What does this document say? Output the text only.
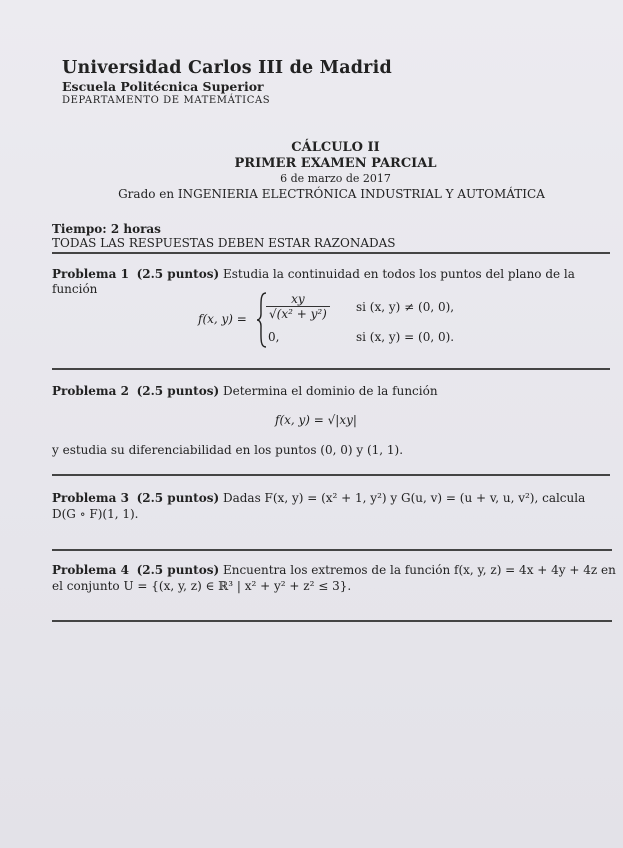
Universidad Carlos III de Madrid
Escuela Politécnica Superior
DEPARTAMENTO DE MATEMÁTICAS
CÁLCULO II
PRIMER EXAMEN PARCIAL
6 de marzo de 2017
Grado en INGENIERIA ELECTRÓNICA INDUSTRIAL Y AUTOMÁTICA
Tiempo: 2 horas
TODAS LAS RESPUESTAS DEBEN ESTAR RAZONADAS
Problema 1 (2.5 puntos) Estudia la continuidad en todos los puntos del plano de la función
f(x, $y) = \frac{xy}{\text{√(x² + y²)}}$ si (x, y) ≠ (0, 0),
0,	si (x, y) = (0, 0).
Problema 2 (2.5 puntos) Determina el dominio de la función
f(x, y) = √|xy|
y estudia su diferenciabilidad en los puntos (0, 0) y (1, 1).
Problema 3 (2.5 puntos) Dadas F(x, y) = (x² + 1, y²) y G(u, v) = (u + v, u, v²), calcula
D(G ∘ F)(1, 1).
Problema 4 (2.5 puntos) Encuentra los extremos de la función f(x, y, z) = 4x + 4y + 4z en
el conjunto U = {(x, y, z) ∈ ℝ³ | x² + y² + z² ≤ 3}.
